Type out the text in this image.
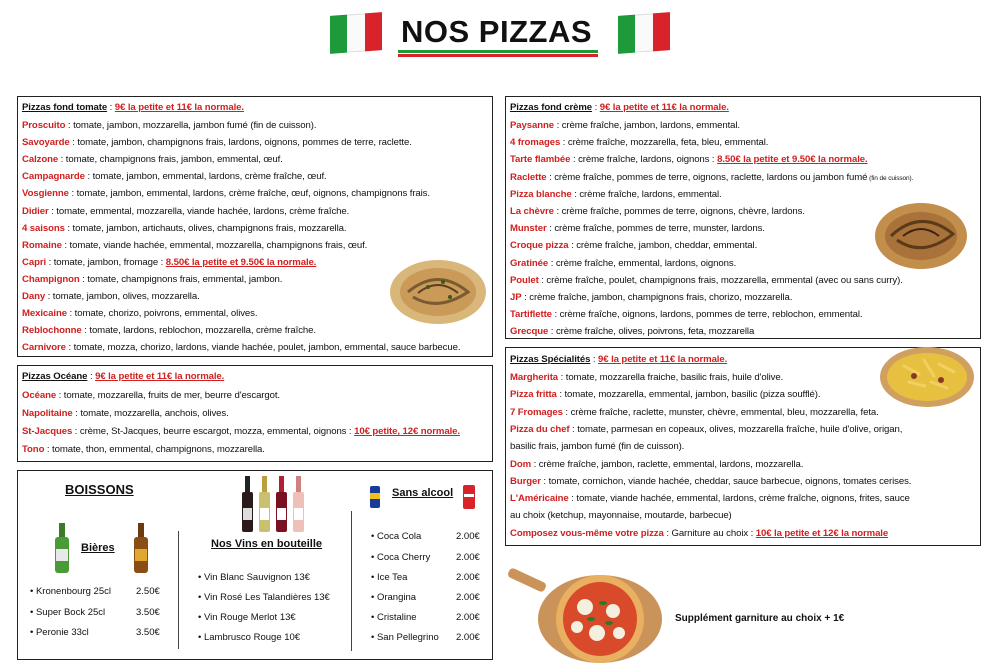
NOS PIZZAS
Pizzas fond tomate : 9€ la petite et 11€ la normale.
Proscuito : tomate, jambon, mozzarella, jambon fumé (fin de cuisson).
Savoyarde : tomate, jambon, champignons frais, lardons, oignons, pommes de terre, raclette.
Calzone : tomate, champignons frais, jambon, emmental, œuf.
Campagnarde : tomate, jambon, emmental, lardons, crème fraîche, œuf.
Vosgienne : tomate, jambon, emmental, lardons, crème fraîche, œuf, oignons, champignons frais.
Didier : tomate, emmental, mozzarella, viande hachée, lardons, crème fraîche.
4 saisons : tomate, jambon, artichauts, olives, champignons frais, mozzarella.
Romaine : tomate, viande hachée, emmental, mozzarella, champignons frais, œuf.
Capri : tomate, jambon, fromage : 8.50€ la petite et 9.50€ la normale.
Champignon : tomate, champignons frais, emmental, jambon.
Dany : tomate, jambon, olives, mozzarella.
Mexicaine : tomate, chorizo, poivrons, emmental, olives.
Reblochonne : tomate, lardons, reblochon, mozzarella, crème fraîche.
Carnivore : tomate, mozza, chorizo, lardons, viande hachée, poulet, jambon, emmental, sauce barbecue.
Pizzas Océane : 9€ la petite et 11€ la normale.
Océane : tomate, mozzarella, fruits de mer, beurre d'escargot.
Napolitaine : tomate, mozzarella, anchois, olives.
St-Jacques : crème, St-Jacques, beurre escargot, mozza, emmental, oignons : 10€ petite, 12€ normale.
Tono : tomate, thon, emmental, champignons, mozzarella.
Pizzas fond crème : 9€ la petite et 11€ la normale.
Paysanne : crème fraîche, jambon, lardons, emmental.
4 fromages : crème fraîche, mozzarella, feta, bleu, emmental.
Tarte flambée : crème fraîche, lardons, oignons : 8.50€ la petite et 9.50€ la normale.
Raclette : crème fraîche, pommes de terre, oignons, raclette, lardons ou jambon fumé (fin de cuisson).
Pizza blanche : crème fraîche, lardons, emmental.
La chèvre : crème fraîche, pommes de terre, oignons, chèvre, lardons.
Munster : crème fraîche, pommes de terre, munster, lardons.
Croque pizza : crème fraîche, jambon, cheddar, emmental.
Gratinée : crème fraîche, emmental, lardons, oignons.
Poulet : crème fraîche, poulet, champignons frais, mozzarella, emmental (avec ou sans curry).
JP : crème fraîche, jambon, champignons frais, chorizo, mozzarella.
Tartiflette : crème fraîche, oignons, lardons, pommes de terre, reblochon, emmental.
Grecque : crème fraîche, olives, poivrons, feta, mozzarella
Pizzas Spécialités : 9€ la petite et 11€ la normale.
Margherita : tomate, mozzarella fraiche, basilic frais, huile d'olive.
Pizza fritta : tomate, mozzarella, emmental, jambon, basilic (pizza soufflé).
7 Fromages : crème fraîche, raclette, munster, chèvre, emmental, bleu, mozzarella, feta.
Pizza du chef : tomate, parmesan en copeaux, olives, mozzarella fraîche, huile d'olive, origan,
basilic frais, jambon fumé (fin de cuisson).
Dom : crème fraîche, jambon, raclette, emmental, lardons, mozzarella.
Burger : tomate, cornichon, viande hachée, cheddar, sauce barbecue, oignons, tomates cerises.
L'Américaine : tomate, viande hachée, emmental, lardons, crème fraîche, oignons, frites, sauce
au choix (ketchup, mayonnaise, moutarde, barbecue)
Composez vous-même votre pizza : Garniture au choix : 10€ la petite et 12€ la normale
BOISSONS
Bières
• Kronenbourg 25cl	2.50€
• Super Bock 25cl	3.50€
• Peronie 33cl	3.50€
Nos Vins en bouteille
• Vin Blanc Sauvignon 13€
• Vin Rosé Les Talandières 13€
• Vin Rouge Merlot 13€
• Lambrusco Rouge 10€
Sans alcool
• Coca Cola	2.00€
• Coca Cherry	2.00€
• Ice Tea	2.00€
• Orangina	2.00€
• Cristaline	2.00€
• San Pellegrino 2.00€
Supplément garniture au choix + 1€
